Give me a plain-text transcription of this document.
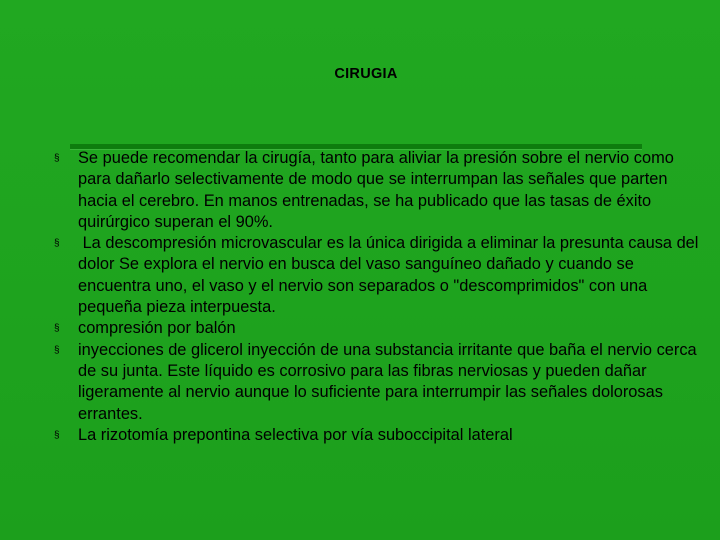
CIRUGIA
§ Se puede recomendar la cirugía, tanto para aliviar la presión sobre el nervio como para dañarlo selectivamente de modo que se interrumpan las señales que parten hacia el cerebro. En manos entrenadas, se ha publicado que las tasas de éxito quirúrgico superan el 90%.
§ La descompresión microvascular es la única dirigida a eliminar la presunta causa del dolor Se explora el nervio en busca del vaso sanguíneo dañado y cuando se encuentra uno, el vaso y el nervio son separados o "descomprimidos" con una pequeña pieza interpuesta.
§ compresión por balón
§ inyecciones de glicerol inyección de una substancia irritante que baña el nervio cerca de su junta. Este líquido es corrosivo para las fibras nerviosas y pueden dañar ligeramente al nervio aunque lo suficiente para interrumpir las señales dolorosas errantes.
§ La rizotomía prepontina selectiva por vía suboccipital lateral
